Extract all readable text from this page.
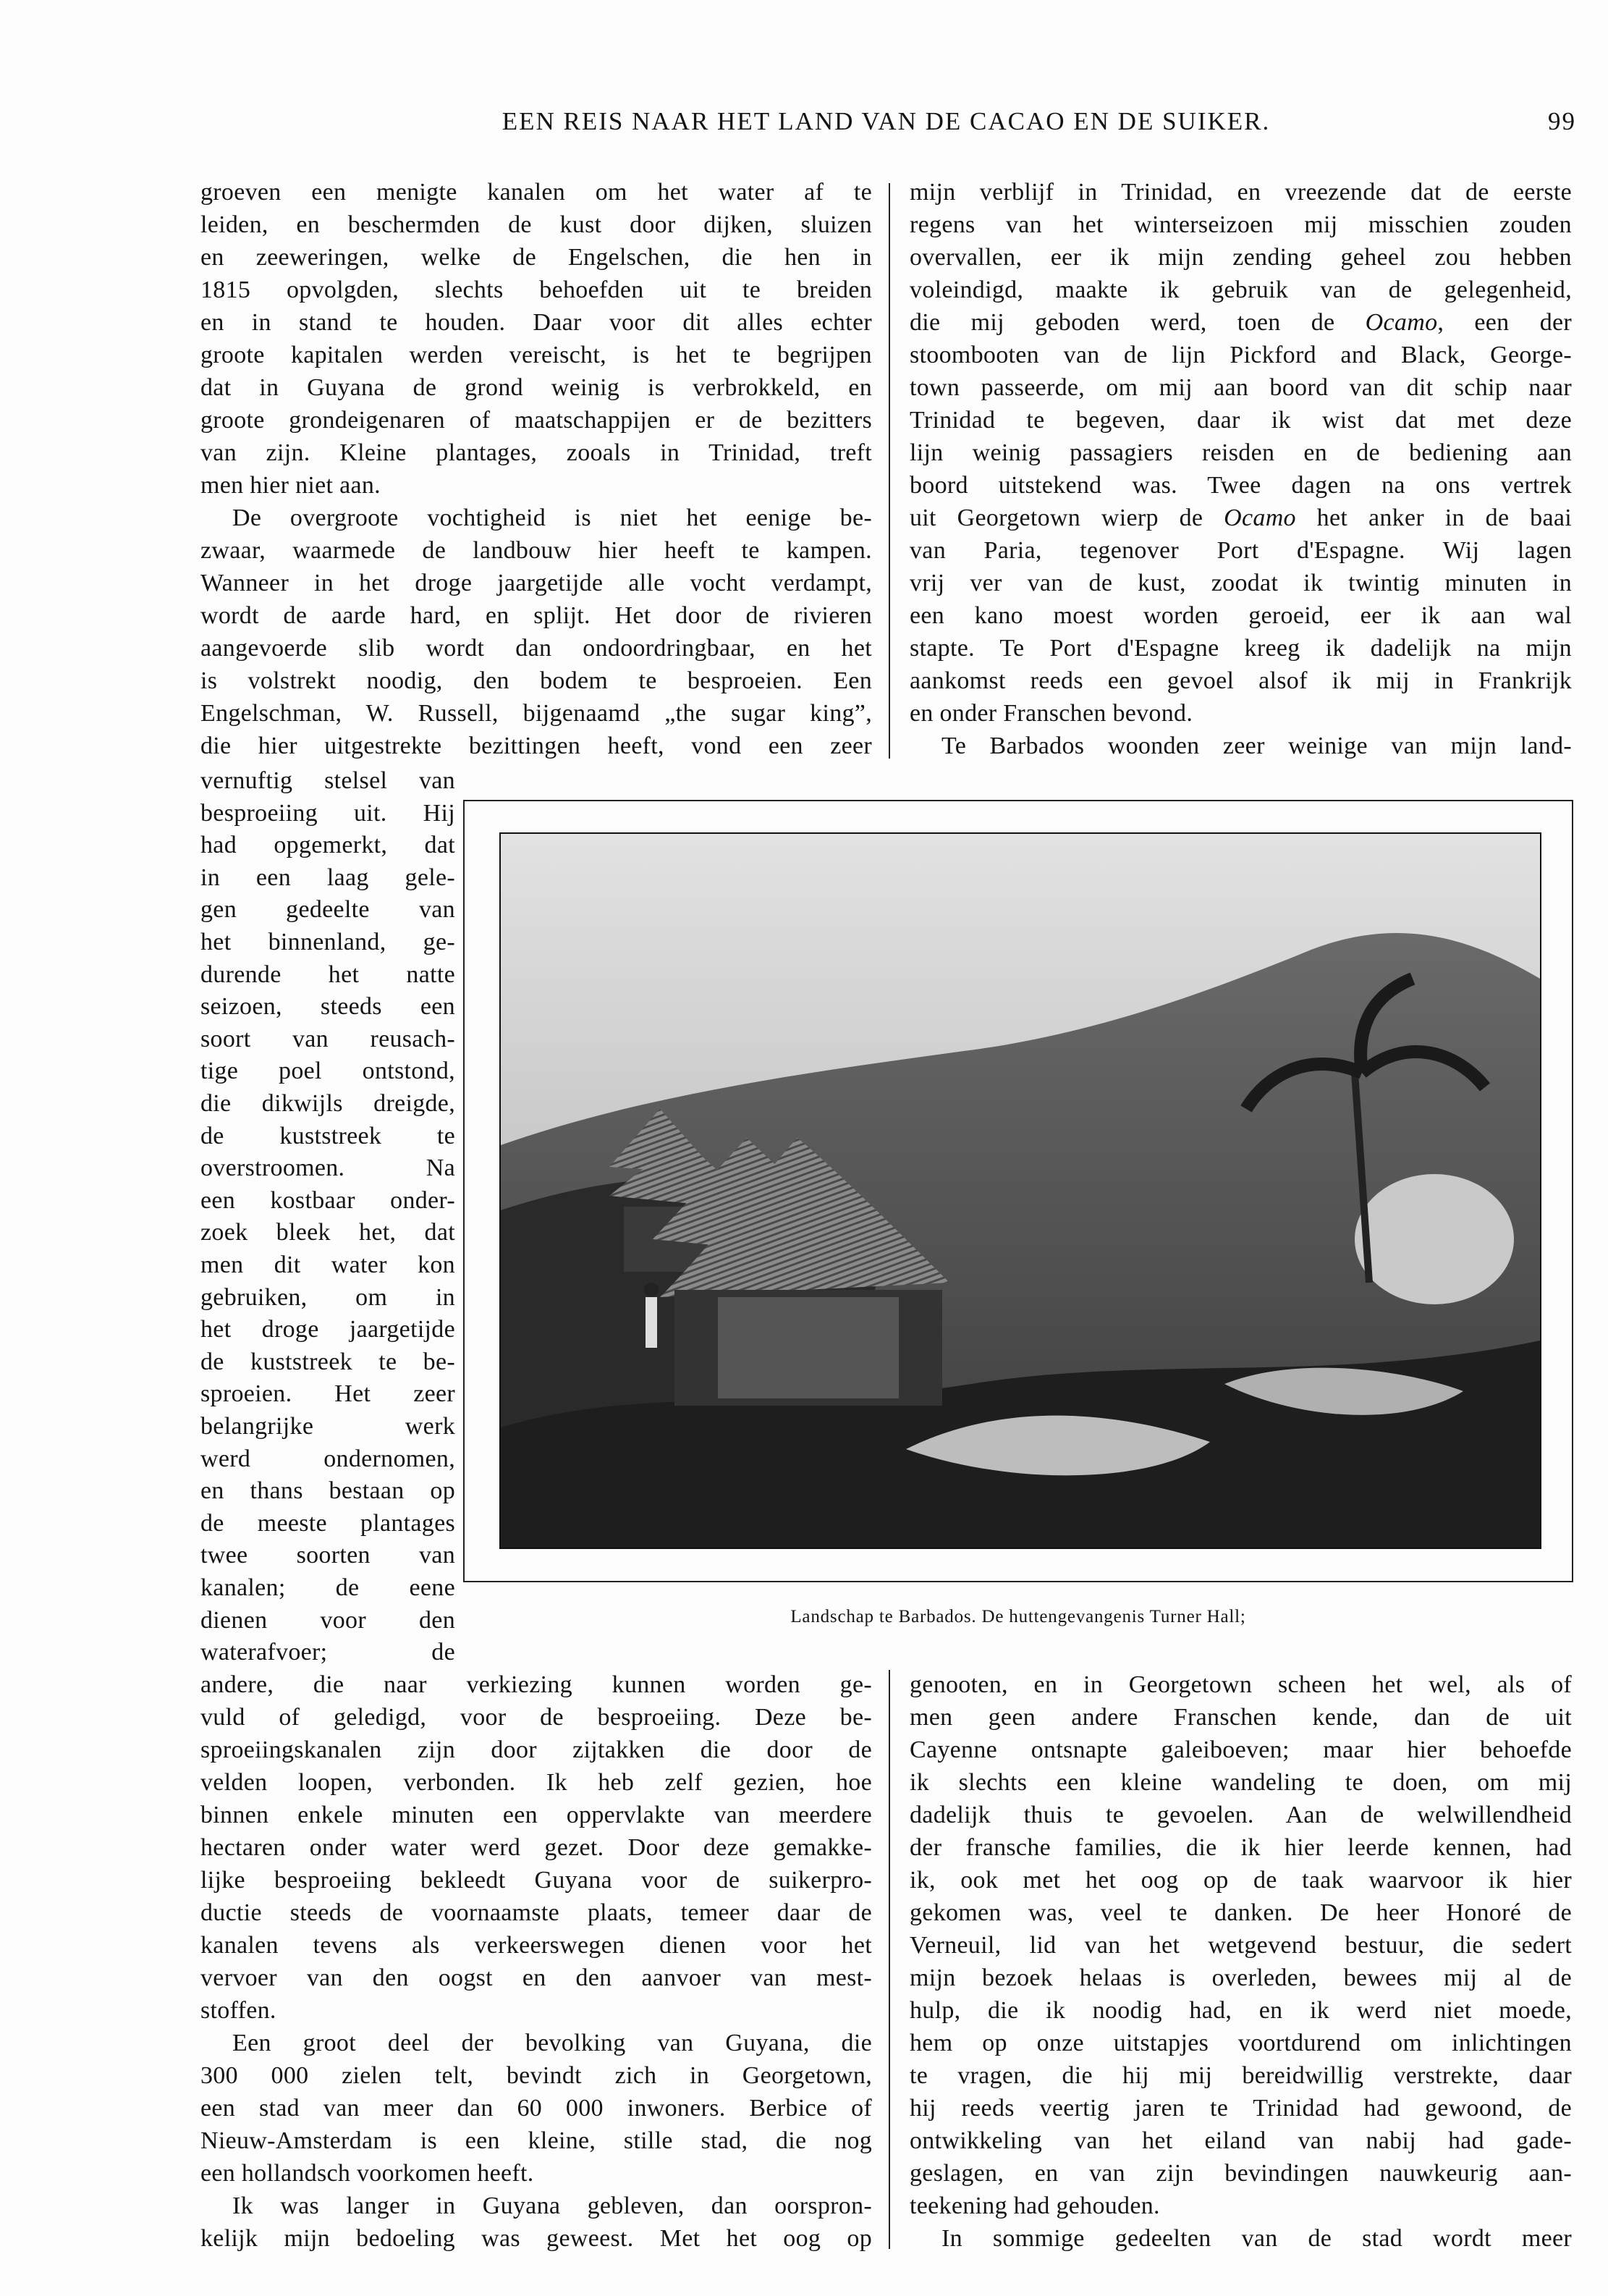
EEN REIS NAAR HET LAND VAN DE CACAO EN DE SUIKER.	99
groeven een menigte kanalen om het water af te
leiden, en beschermden de kust door dijken, sluizen
en zeeweringen, welke de Engelschen, die hen in
1815 opvolgden, slechts behoefden uit te breiden
en in stand te houden. Daar voor dit alles echter
groote kapitalen werden vereischt, is het te begrijpen
dat in Guyana de grond weinig is verbrokkeld, en
groote grondeigenaren of maatschappijen er de bezitters
van zijn. Kleine plantages, zooals in Trinidad, treft
men hier niet aan.
De overgroote vochtigheid is niet het eenige be-
zwaar, waarmede de landbouw hier heeft te kampen.
Wanneer in het droge jaargetijde alle vocht verdampt,
wordt de aarde hard, en splijt. Het door de rivieren
aangevoerde slib wordt dan ondoordringbaar, en het
is volstrekt noodig, den bodem te besproeien. Een
Engelschman, W. Russell, bijgenaamd „the sugar king”,
die hier uitgestrekte bezittingen heeft, vond een zeer
vernuftig stelsel van
besproeiing uit. Hij
had opgemerkt, dat
in een laag gele-
gen gedeelte van
het binnenland, ge-
durende het natte
seizoen, steeds een
soort van reusach-
tige poel ontstond,
die dikwijls dreigde,
de kuststreek te
overstroomen. Na
een kostbaar onder-
zoek bleek het, dat
men dit water kon
gebruiken, om in
het droge jaargetijde
de kuststreek te be-
sproeien. Het zeer
belangrijke werk
werd ondernomen,
en thans bestaan op
de meeste plantages
twee soorten van
kanalen; de eene
dienen voor den
waterafvoer; de
andere, die naar verkiezing kunnen worden ge-
vuld of geledigd, voor de besproeiing. Deze be-
sproeiingskanalen zijn door zijtakken die door de
velden loopen, verbonden. Ik heb zelf gezien, hoe
binnen enkele minuten een oppervlakte van meerdere
hectaren onder water werd gezet. Door deze gemakke-
lijke besproeiing bekleedt Guyana voor de suikerpro-
ductie steeds de voornaamste plaats, temeer daar de
kanalen tevens als verkeerswegen dienen voor het
vervoer van den oogst en den aanvoer van mest-
stoffen.
Een groot deel der bevolking van Guyana, die
300 000 zielen telt, bevindt zich in Georgetown,
een stad van meer dan 60 000 inwoners. Berbice of
Nieuw-Amsterdam is een kleine, stille stad, die nog
een hollandsch voorkomen heeft.
Ik was langer in Guyana gebleven, dan oorspron-
kelijk mijn bedoeling was geweest. Met het oog op
mijn verblijf in Trinidad, en vreezende dat de eerste
regens van het winterseizoen mij misschien zouden
overvallen, eer ik mijn zending geheel zou hebben
voleindigd, maakte ik gebruik van de gelegenheid,
die mij geboden werd, toen de Ocamo, een der
stoombooten van de lijn Pickford and Black, George-
town passeerde, om mij aan boord van dit schip naar
Trinidad te begeven, daar ik wist dat met deze
lijn weinig passagiers reisden en de bediening aan
boord uitstekend was. Twee dagen na ons vertrek
uit Georgetown wierp de Ocamo het anker in de baai
van Paria, tegenover Port d'Espagne. Wij lagen
vrij ver van de kust, zoodat ik twintig minuten in
een kano moest worden geroeid, eer ik aan wal
stapte. Te Port d'Espagne kreeg ik dadelijk na mijn
aankomst reeds een gevoel alsof ik mij in Frankrijk
en onder Franschen bevond.
Te Barbados woonden zeer weinige van mijn land-
genooten, en in Georgetown scheen het wel, als of
men geen andere Franschen kende, dan de uit
Cayenne ontsnapte galeiboeven; maar hier behoefde
ik slechts een kleine wandeling te doen, om mij
dadelijk thuis te gevoelen. Aan de welwillendheid
der fransche families, die ik hier leerde kennen, had
ik, ook met het oog op de taak waarvoor ik hier
gekomen was, veel te danken. De heer Honoré de
Verneuil, lid van het wetgevend bestuur, die sedert
mijn bezoek helaas is overleden, bewees mij al de
hulp, die ik noodig had, en ik werd niet moede,
hem op onze uitstapjes voortdurend om inlichtingen
te vragen, die hij mij bereidwillig verstrekte, daar
hij reeds veertig jaren te Trinidad had gewoond, de
ontwikkeling van het eiland van nabij had gade-
geslagen, en van zijn bevindingen nauwkeurig aan-
teekening had gehouden.
In sommige gedeelten van de stad wordt meer
Landschap te Barbados. De huttengevangenis Turner Hall;
